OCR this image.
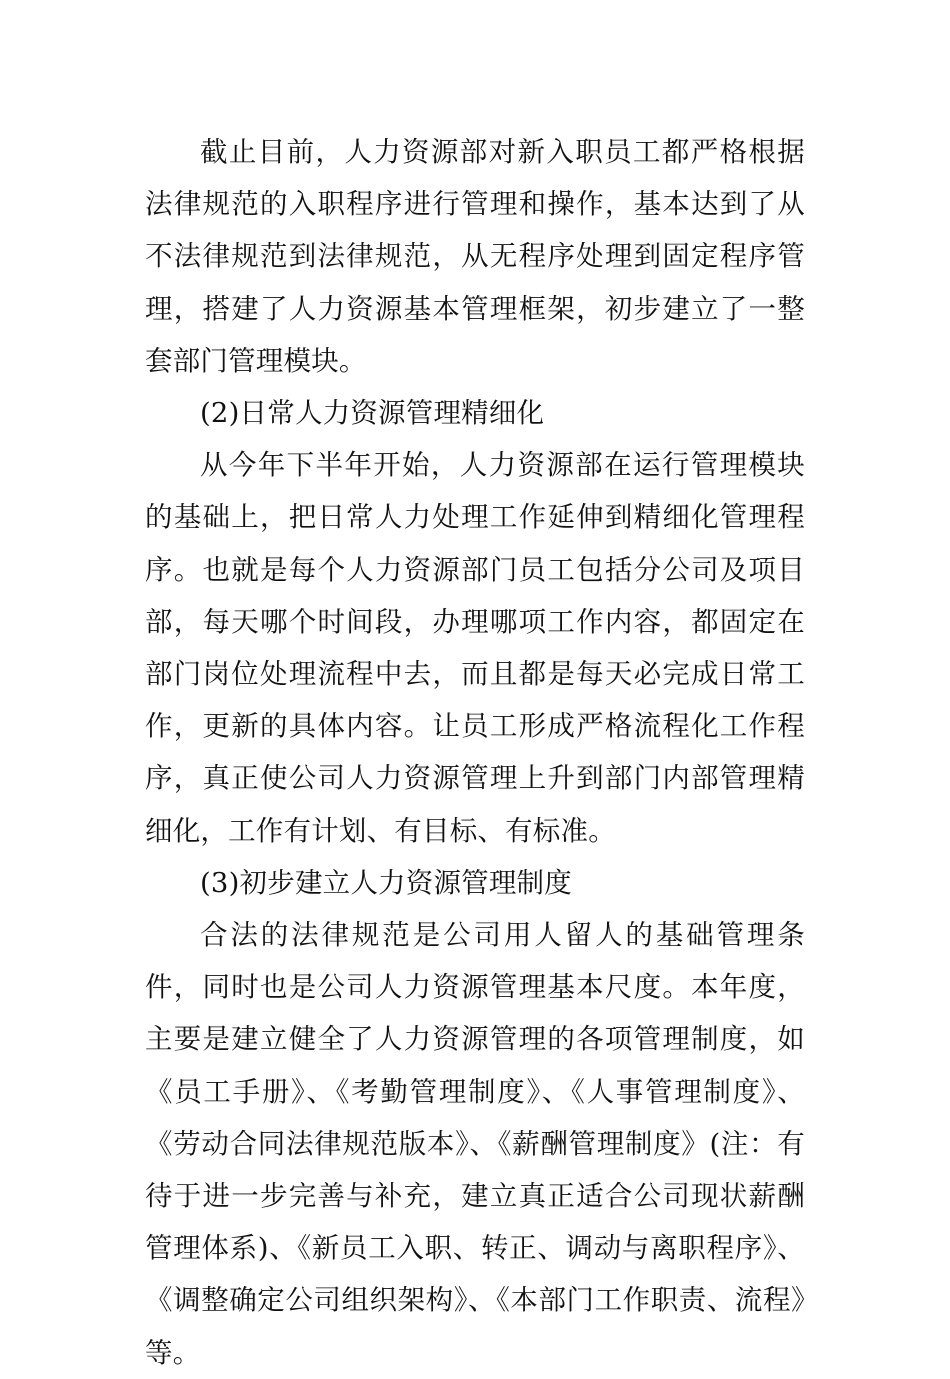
截止目前，人力资源部对新入职员工都严格根据法律规范的入职程序进行管理和操作，基本达到了从不法律规范到法律规范，从无程序处理到固定程序管理，搭建了人力资源基本管理框架，初步建立了一整套部门管理模块。

(2)日常人力资源管理精细化

从今年下半年开始，人力资源部在运行管理模块的基础上，把日常人力处理工作延伸到精细化管理程序。也就是每个人力资源部门员工包括分公司及项目部，每天哪个时间段，办理哪项工作内容，都固定在部门岗位处理流程中去，而且都是每天必完成日常工作，更新的具体内容。让员工形成严格流程化工作程序，真正使公司人力资源管理上升到部门内部管理精细化，工作有计划、有目标、有标准。

(3)初步建立人力资源管理制度

合法的法律规范是公司用人留人的基础管理条件，同时也是公司人力资源管理基本尺度。本年度，主要是建立健全了人力资源管理的各项管理制度，如《员工手册》、《考勤管理制度》、《人事管理制度》、《劳动合同法律规范版本》、《薪酬管理制度》(注：有待于进一步完善与补充，建立真正适合公司现状薪酬管理体系)、《新员工入职、转正、调动与离职程序》、《调整确定公司组织架构》、《本部门工作职责、流程》等。
